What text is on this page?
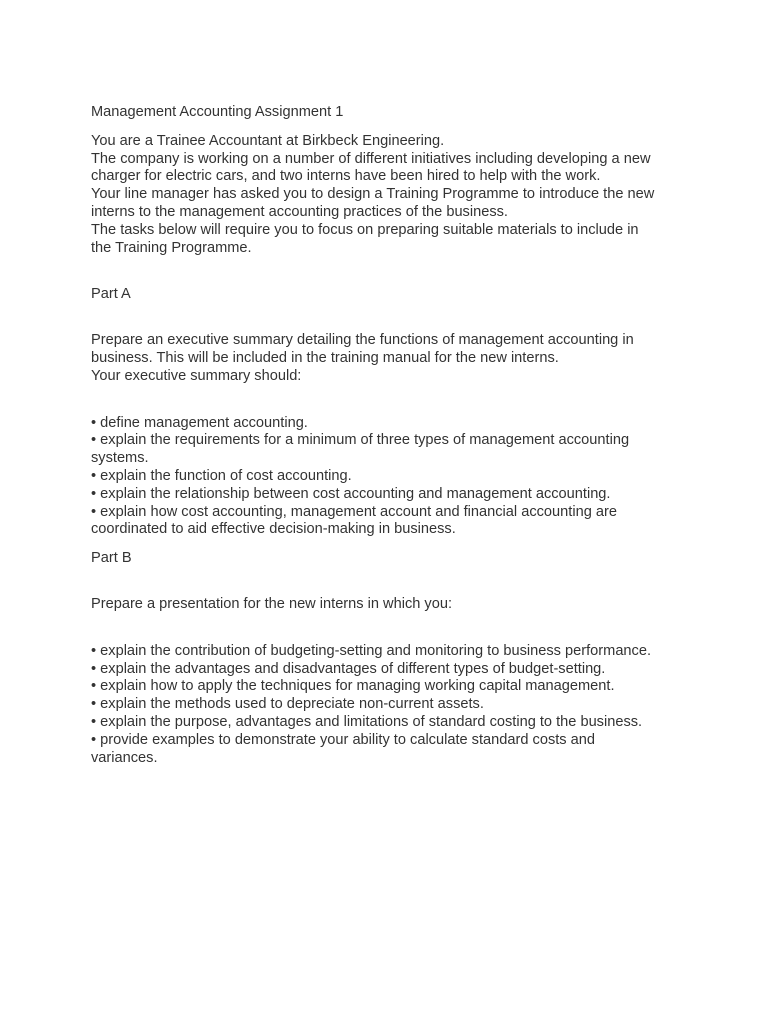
Management Accounting Assignment 1
You are a Trainee Accountant at Birkbeck Engineering.
The company is working on a number of different initiatives including developing a new
charger for electric cars, and two interns have been hired to help with the work.
Your line manager has asked you to design a Training Programme to introduce the new
interns to the management accounting practices of the business.
The tasks below will require you to focus on preparing suitable materials to include in
the Training Programme.
Part A
Prepare an executive summary detailing the functions of management accounting in
business. This will be included in the training manual for the new interns.
Your executive summary should:
• define management accounting.
• explain the requirements for a minimum of three types of management accounting
systems.
• explain the function of cost accounting.
• explain the relationship between cost accounting and management accounting.
• explain how cost accounting, management account and financial accounting are
coordinated to aid effective decision-making in business.
Part B
Prepare a presentation for the new interns in which you:
• explain the contribution of budgeting-setting and monitoring to business performance.
• explain the advantages and disadvantages of different types of budget-setting.
• explain how to apply the techniques for managing working capital management.
• explain the methods used to depreciate non-current assets.
• explain the purpose, advantages and limitations of standard costing to the business.
• provide examples to demonstrate your ability to calculate standard costs and
variances.
